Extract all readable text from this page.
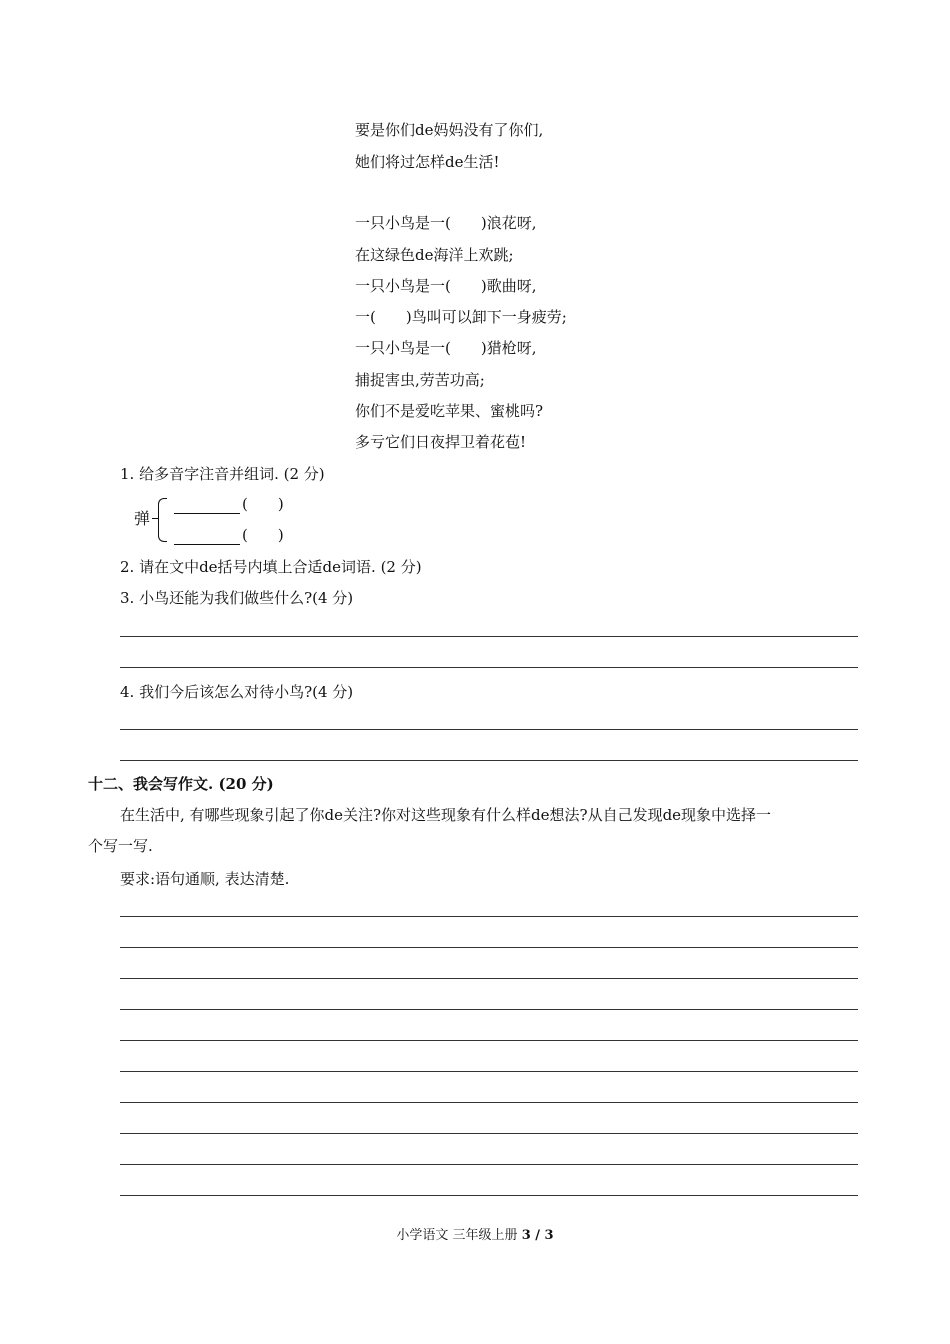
要是你们de妈妈没有了你们,
她们将过怎样de生活!
一只小鸟是一(　　)浪花呀,
在这绿色de海洋上欢跳;
一只小鸟是一(　　)歌曲呀,
一(　　)鸟叫可以卸下一身疲劳;
一只小鸟是一(　　)猎枪呀,
捕捉害虫,劳苦功高;
你们不是爱吃苹果、蜜桃吗?
多亏它们日夜捍卫着花苞!
1. 给多音字注音并组词. (2 分)
弹
(　　)
(　　)
2. 请在文中de括号内填上合适de词语. (2 分)
3. 小鸟还能为我们做些什么?(4 分)
4. 我们今后该怎么对待小鸟?(4 分)
十二、我会写作文. (20 分)
在生活中, 有哪些现象引起了你de关注?你对这些现象有什么样de想法?从自己发现de现象中选择一
个写一写.
要求:语句通顺, 表达清楚.
小学语文 三年级上册 3 / 3
